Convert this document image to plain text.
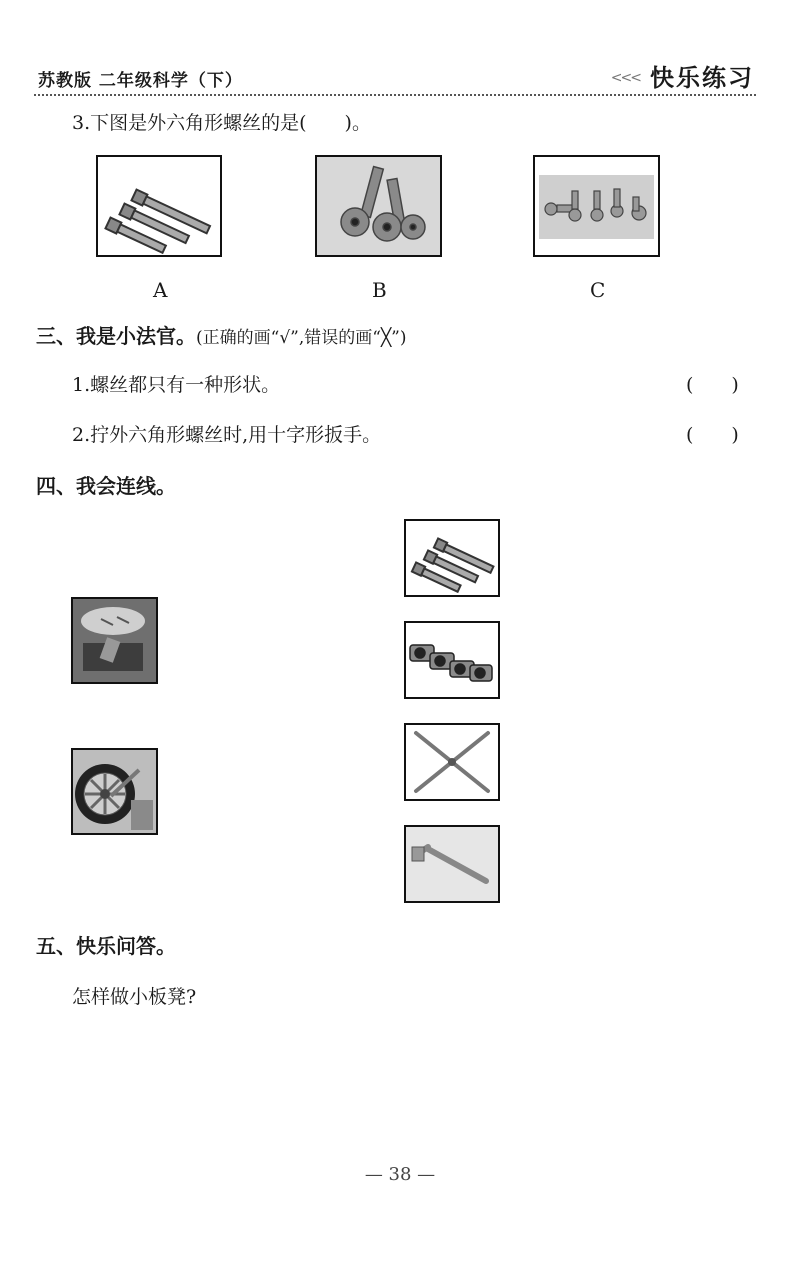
苏教版 二年级科学（下）	<<< 快乐练习
3.下图是外六角形螺丝的是(　　)。
A	B	C
三、我是小法官。(正确的画“√”,错误的画“╳”)
1.螺丝都只有一种形状。	(　　)
2.拧外六角形螺丝时,用十字形扳手。	(　　)
四、我会连线。
五、快乐问答。
怎样做小板凳?
— 38 —
